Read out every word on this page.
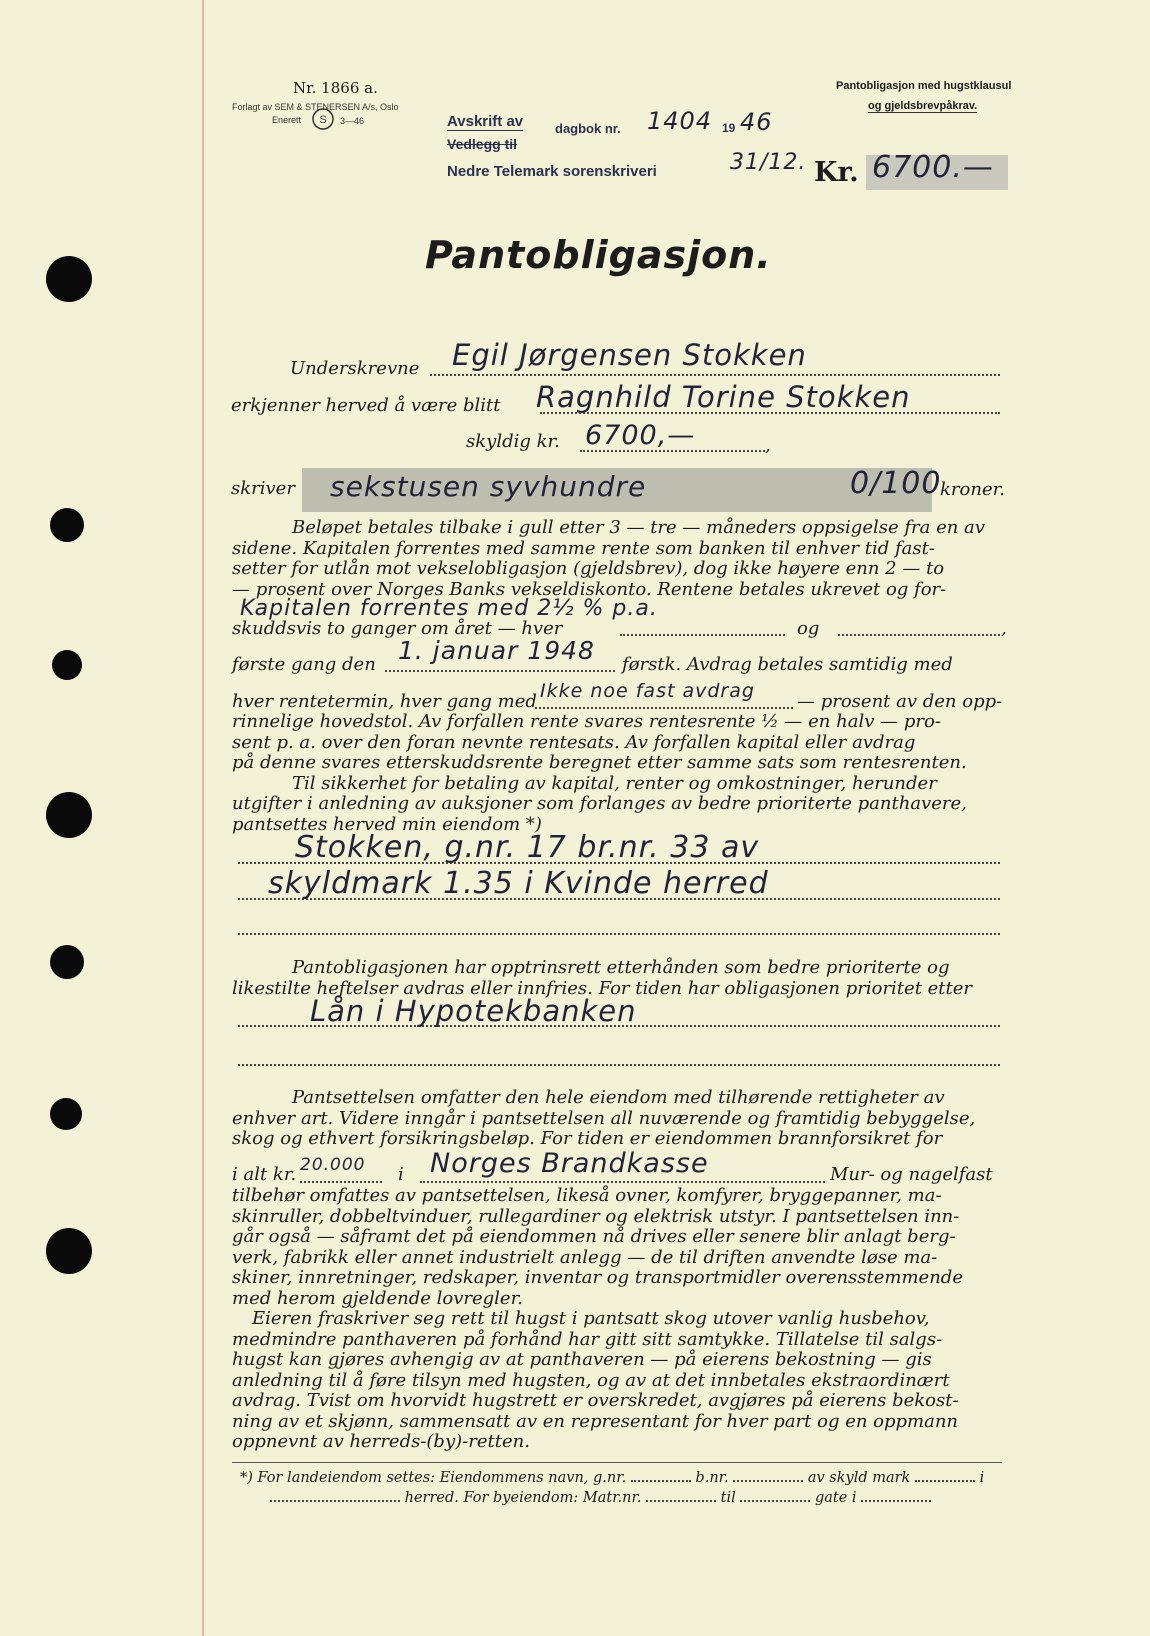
Nr. 1866 a.
Forlagt av SEM & STENERSEN A/s, Oslo
Enerett S 3—46
Pantobligasjon med hugstklausul
og gjeldsbrevpåkrav.
Avskrift av dagbok nr. 1404 19 46
Vedlegg til
Nedre Telemark sorenskriveri	31/12. Kr. 6700.—
Pantobligasjon.
Underskrevne Egil Jørgensen Stokken
erkjenner herved å være blitt Ragnhild Torine Stokken
skyldig kr. 6700,—	,
skriver sekstusen syvhundre	0/100
kroner.
Beløpet betales tilbake i gull etter 3 — tre — måneders oppsigelse fra en av
sidene. Kapitalen forrentes med samme rente som banken til enhver tid fast-
setter for utlån mot vekselobligasjon (gjeldsbrev), dog ikke høyere enn 2 — to
— prosent over Norges Banks vekseldiskonto. Rentene betales ukrevet og for-
Kapitalen forrentes med 2½ % p.a.
skuddsvis to ganger om året — hver	og	,
første gang den 1. januar 1948 førstk. Avdrag betales samtidig med
hver rentetermin, hver gang med Ikke noe fast avdrag — prosent av den opp-
rinnelige hovedstol. Av forfallen rente svares rentesrente ½ — en halv — pro-
sent p. a. over den foran nevnte rentesats. Av forfallen kapital eller avdrag
på denne svares etterskuddsrente beregnet etter samme sats som rentesrenten.
Til sikkerhet for betaling av kapital, renter og omkostninger, herunder
utgifter i anledning av auksjoner som forlanges av bedre prioriterte panthavere,
pantsettes herved min eiendom *)
Stokken, g.nr. 17 br.nr. 33 av
skyldmark 1.35 i Kvinde herred
Pantobligasjonen har opptrinsrett etterhånden som bedre prioriterte og
likestilte heftelser avdras eller innfries. For tiden har obligasjonen prioritet etter
Lån i Hypotekbanken
Pantsettelsen omfatter den hele eiendom med tilhørende rettigheter av
enhver art. Videre inngår i pantsettelsen all nuværende og framtidig bebyggelse,
skog og ethvert forsikringsbeløp. For tiden er eiendommen brannforsikret for
i alt kr. 20.000 i Norges Brandkasse	Mur- og nagelfast
tilbehør omfattes av pantsettelsen, likeså ovner, komfyrer, bryggepanner, ma-
skinruller, dobbeltvinduer, rullegardiner og elektrisk utstyr. I pantsettelsen inn-
går også — såframt det på eiendommen nå drives eller senere blir anlagt berg-
verk, fabrikk eller annet industrielt anlegg — de til driften anvendte løse ma-
skiner, innretninger, redskaper, inventar og transportmidler overensstemmende
med herom gjeldende lovregler.
Eieren fraskriver seg rett til hugst i pantsatt skog utover vanlig husbehov,
medmindre panthaveren på forhånd har gitt sitt samtykke. Tillatelse til salgs-
hugst kan gjøres avhengig av at panthaveren — på eierens bekostning — gis
anledning til å føre tilsyn med hugsten, og av at det innbetales ekstraordinært
avdrag. Tvist om hvorvidt hugstrett er overskredet, avgjøres på eierens bekost-
ning av et skjønn, sammensatt av en representant for hver part og en oppmann
oppnevnt av herreds-(by)-retten.
*) For landeiendom settes: Eiendommens navn, g.nr.	b.nr.	av skyld mark	i
herred. For byeiendom: Matr.nr.	til	gate i
